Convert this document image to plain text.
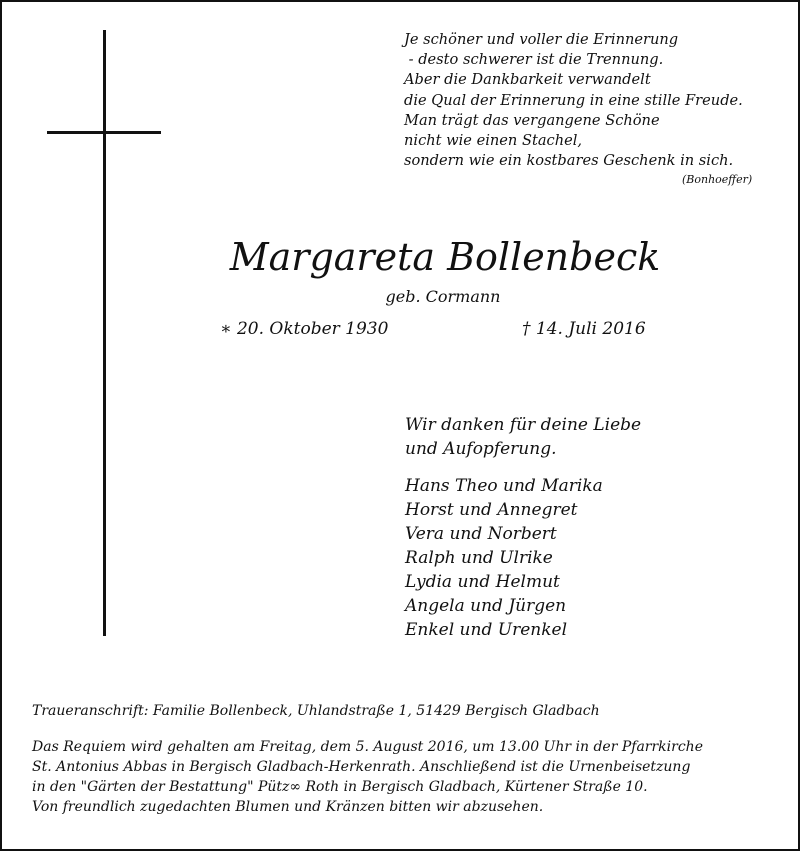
Je schöner und voller die Erinnerung
- desto schwerer ist die Trennung.
Aber die Dankbarkeit verwandelt
die Qual der Erinnerung in eine stille Freude.
Man trägt das vergangene Schöne
nicht wie einen Stachel,
sondern wie ein kostbares Geschenk in sich.
(Bonhoeffer)
Margareta Bollenbeck
geb. Cormann
∗ 20. Oktober 1930	† 14. Juli 2016
Wir danken für deine Liebe
und Aufopferung.
Hans Theo und Marika
Horst und Annegret
Vera und Norbert
Ralph und Ulrike
Lydia und Helmut
Angela und Jürgen
Enkel und Urenkel
Traueranschrift: Familie Bollenbeck, Uhlandstraße 1, 51429 Bergisch Gladbach
Das Requiem wird gehalten am Freitag, dem 5. August 2016, um 13.00 Uhr in der Pfarrkirche
St. Antonius Abbas in Bergisch Gladbach-Herkenrath. Anschließend ist die Urnenbeisetzung
in den "Gärten der Bestattung" Pütz∞ Roth in Bergisch Gladbach, Kürtener Straße 10.
Von freundlich zugedachten Blumen und Kränzen bitten wir abzusehen.
